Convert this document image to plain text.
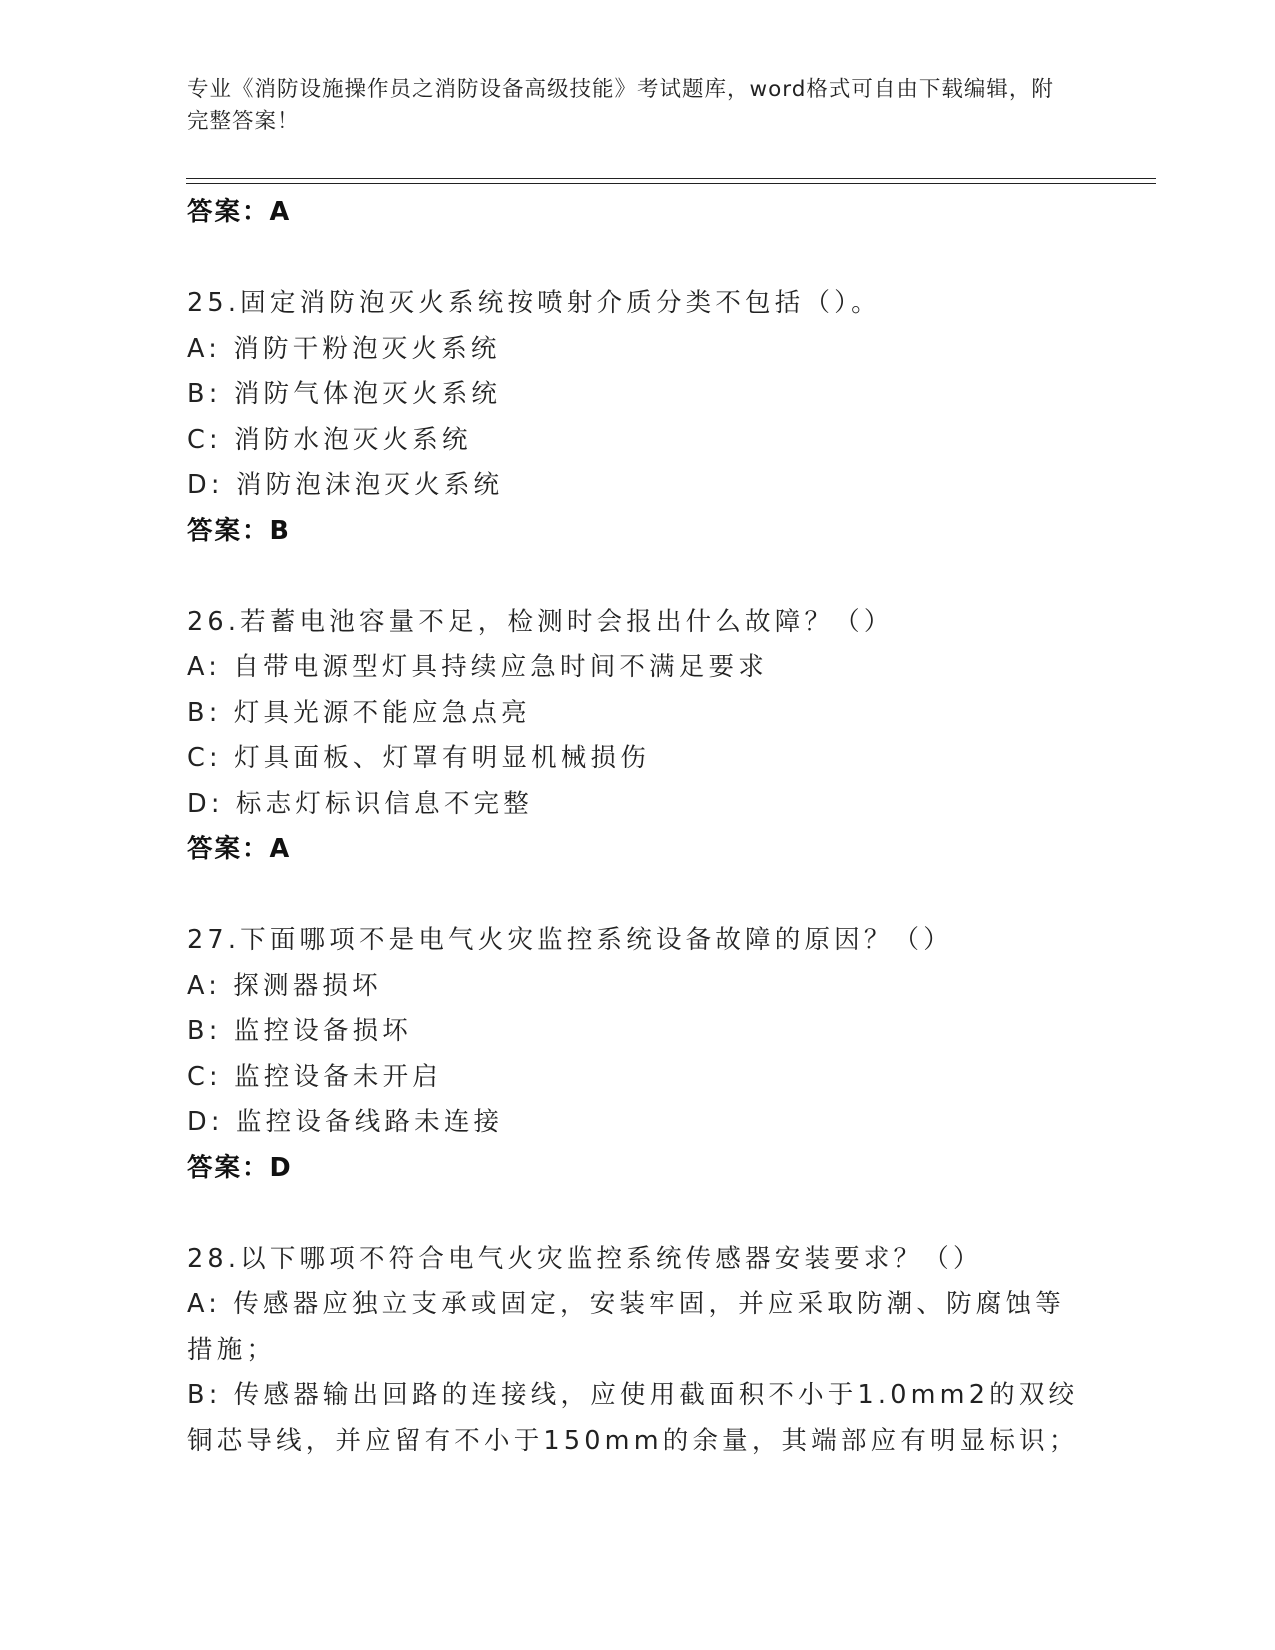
专业《消防设施操作员之消防设备高级技能》考试题库，word格式可自由下载编辑，附完整答案！
答案：A
25.固定消防泡灭火系统按喷射介质分类不包括（）。
A: 消防干粉泡灭火系统
B: 消防气体泡灭火系统
C: 消防水泡灭火系统
D: 消防泡沫泡灭火系统
答案：B
26.若蓄电池容量不足，检测时会报出什么故障？（）
A: 自带电源型灯具持续应急时间不满足要求
B: 灯具光源不能应急点亮
C: 灯具面板、灯罩有明显机械损伤
D: 标志灯标识信息不完整
答案：A
27.下面哪项不是电气火灾监控系统设备故障的原因？（）
A: 探测器损坏
B: 监控设备损坏
C: 监控设备未开启
D: 监控设备线路未连接
答案：D
28.以下哪项不符合电气火灾监控系统传感器安装要求？（）
A: 传感器应独立支承或固定，安装牢固，并应采取防潮、防腐蚀等措施；
B: 传感器输出回路的连接线，应使用截面积不小于1.0mm2的双绞铜芯导线，并应留有不小于150mm的余量，其端部应有明显标识；
